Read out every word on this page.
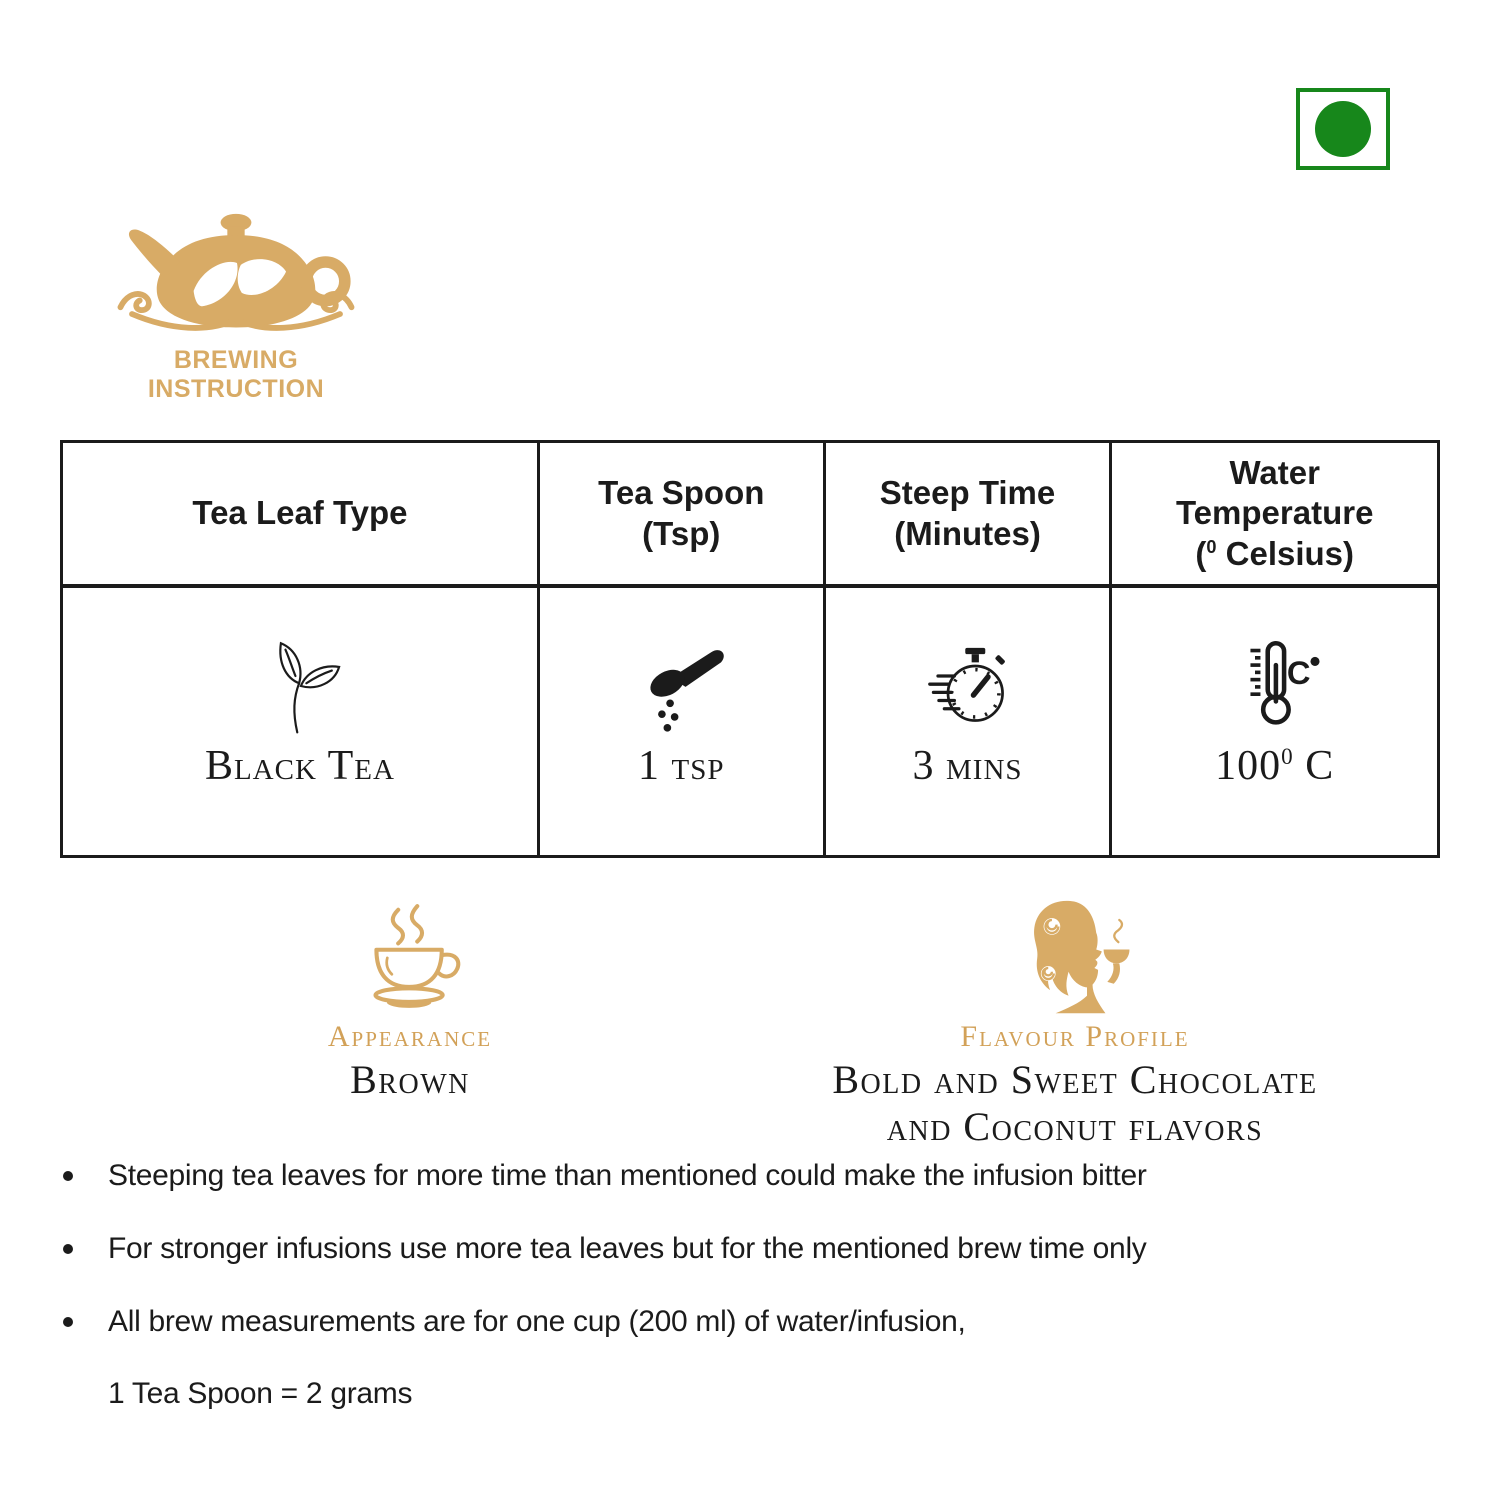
BREWING INSTRUCTION
Tea Leaf Type
Tea Spoon
(Tsp)
Steep Time
(Minutes)
Water
Temperature
($^0$ Celsius)
Black Tea	1 tsp	3 mins
C
$100^0$ C
Appearance
Brown
Flavour Profile
Bold and Sweet Chocolate
and Coconut flavors
Steeping tea leaves for more time than mentioned could make the infusion bitter
For stronger infusions use more tea leaves but for the mentioned brew time only
All brew measurements are for one cup (200 ml) of water/infusion,
1 Tea Spoon = 2 grams
